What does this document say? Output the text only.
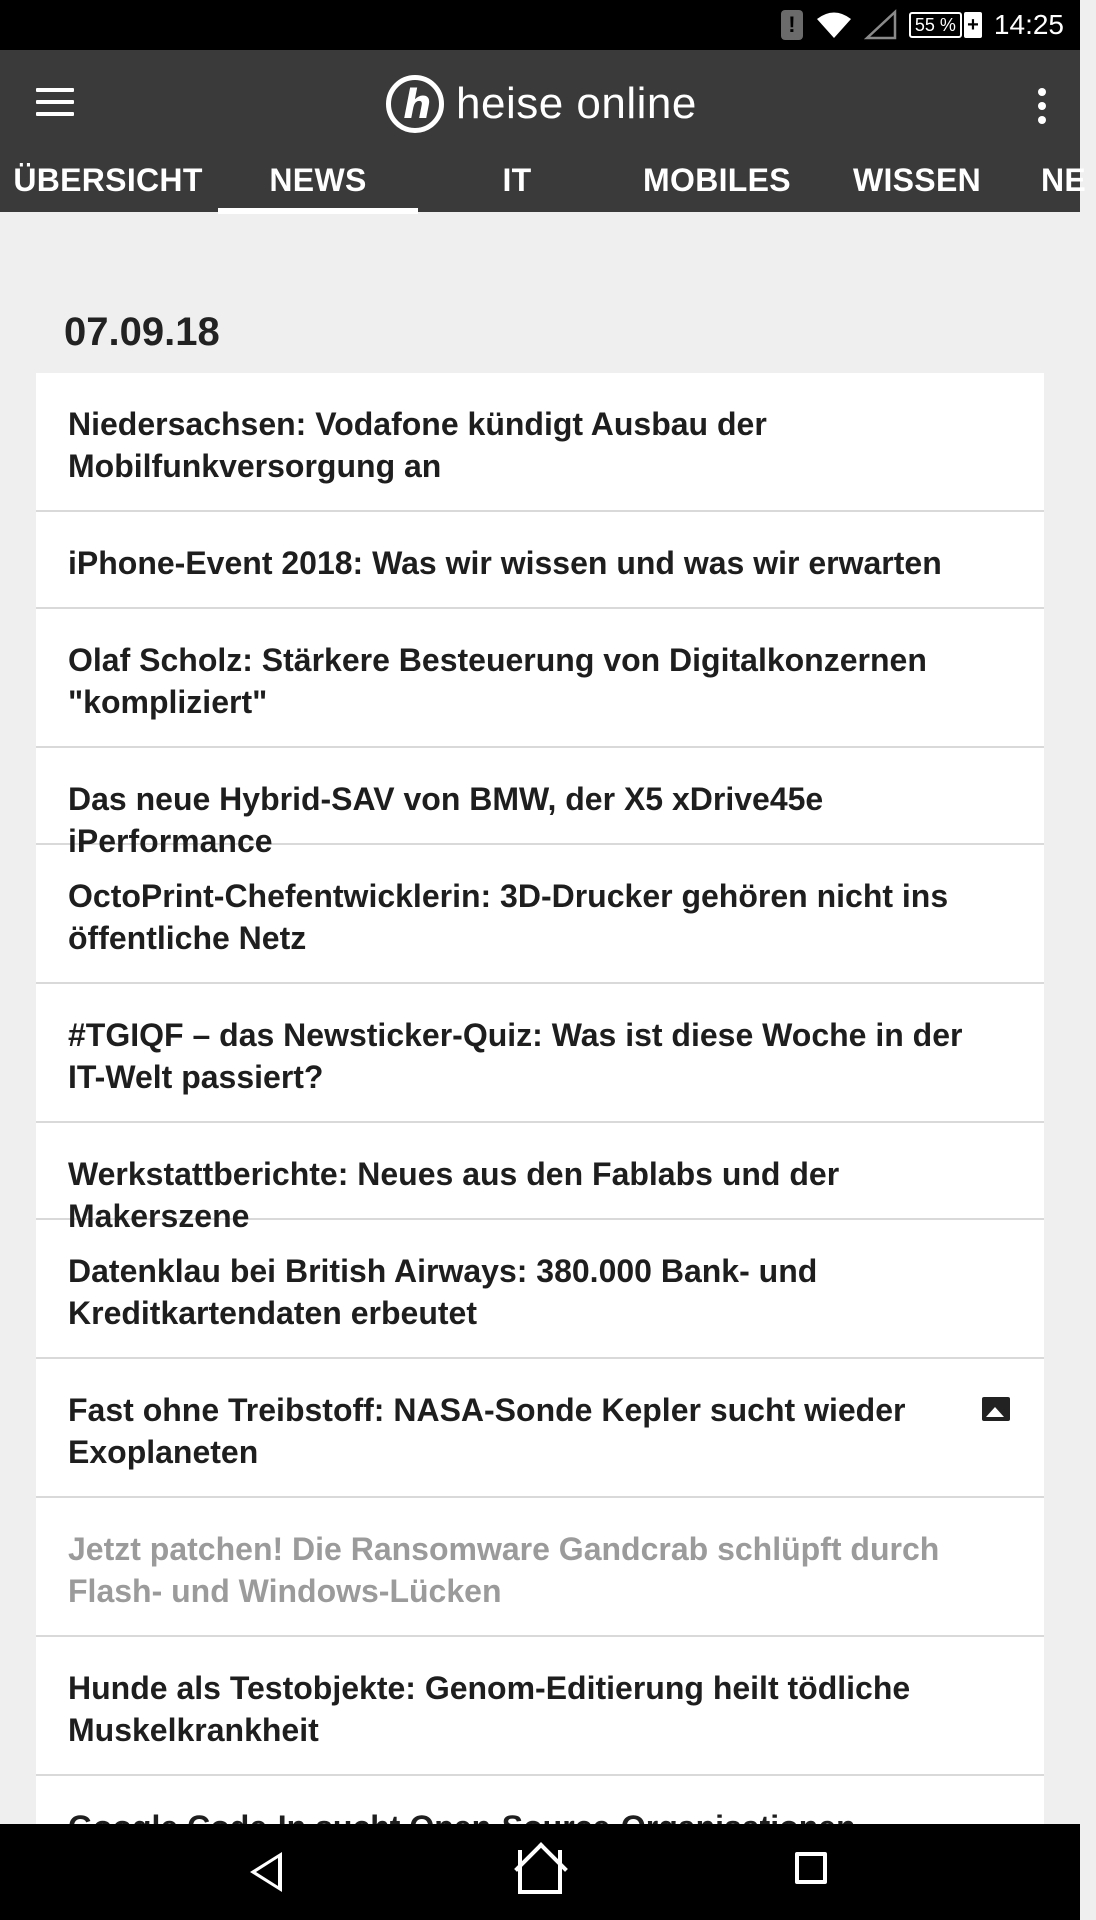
!	55 % + 14:25
h
heise online
ÜBERSICHT	NEWS	IT	MOBILES	WISSEN	NE
07.09.18
Niedersachsen: Vodafone kündigt Ausbau der Mobilfunkversorgung an
iPhone-Event 2018: Was wir wissen und was wir erwarten
Olaf Scholz: Stärkere Besteuerung von Digitalkonzernen "kompliziert"
Das neue Hybrid-SAV von BMW, der X5 xDrive45e iPerformance
OctoPrint-Chefentwicklerin: 3D-Drucker gehören nicht ins öffentliche Netz
#TGIQF – das Newsticker-Quiz: Was ist diese Woche in der IT-Welt passiert?
Werkstattberichte: Neues aus den Fablabs und der Makerszene
Datenklau bei British Airways: 380.000 Bank- und Kreditkartendaten erbeutet
Fast ohne Treibstoff: NASA-Sonde Kepler sucht wieder Exoplaneten
Jetzt patchen! Die Ransomware Gandcrab schlüpft durch Flash- und Windows-Lücken
Hunde als Testobjekte: Genom-Editierung heilt tödliche Muskelkrankheit
